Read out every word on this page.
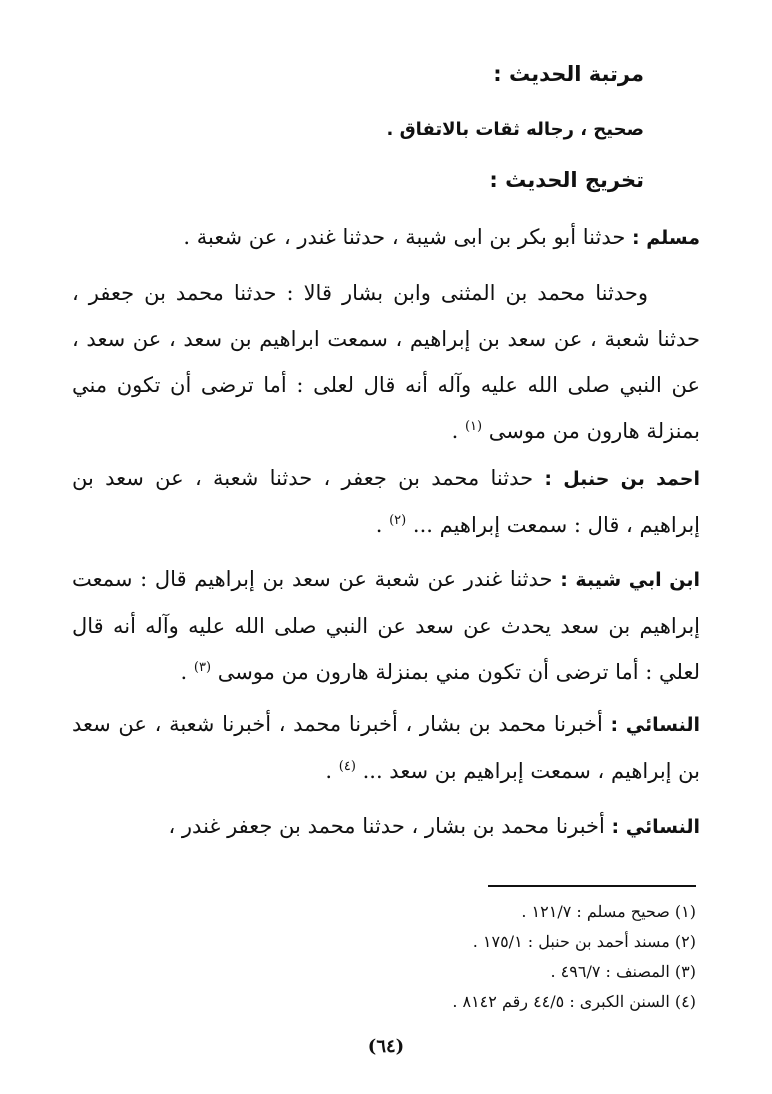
مرتبة الحديث :
صحيح ، رجاله ثقات بالاتفاق .
تخريج الحديث :
مسلم : حدثنا أبو بكر بن ابى شيبة ، حدثنا غندر ، عن شعبة .
وحدثنا محمد بن المثنى وابن بشار قالا : حدثنا محمد بن جعفر ، حدثنا شعبة ، عن سعد بن إبراهيم ، سمعت ابراهيم بن سعد ، عن سعد ، عن النبي صلى الله عليه وآله أنه قال لعلى : أما ترضى أن تكون مني بمنزلة هارون من موسى $^{(١)}$ .
احمد بن حنبل : حدثنا محمد بن جعفر ، حدثنا شعبة ، عن سعد بن إبراهيم ، قال : سمعت إبراهيم ... $^{(٢)}$ .
ابن ابي شيبة : حدثنا غندر عن شعبة عن سعد بن إبراهيم قال : سمعت إبراهيم بن سعد يحدث عن سعد عن النبي صلى الله عليه وآله أنه قال لعلي : أما ترضى أن تكون مني بمنزلة هارون من موسى $^{(٣)}$ .
النسائي : أخبرنا محمد بن بشار ، أخبرنا محمد ، أخبرنا شعبة ، عن سعد بن إبراهيم ، سمعت إبراهيم بن سعد ... $^{(٤)}$ .
النسائي : أخبرنا محمد بن بشار ، حدثنا محمد بن جعفر غندر ،
(١) صحيح مسلم : ١٢١/٧ .
(٢) مسند أحمد بن حنبل : ١٧٥/١ .
(٣) المصنف : ٤٩٦/٧ .
(٤) السنن الكبرى : ٤٤/٥ رقم ٨١٤٢ .
(٦٤)
